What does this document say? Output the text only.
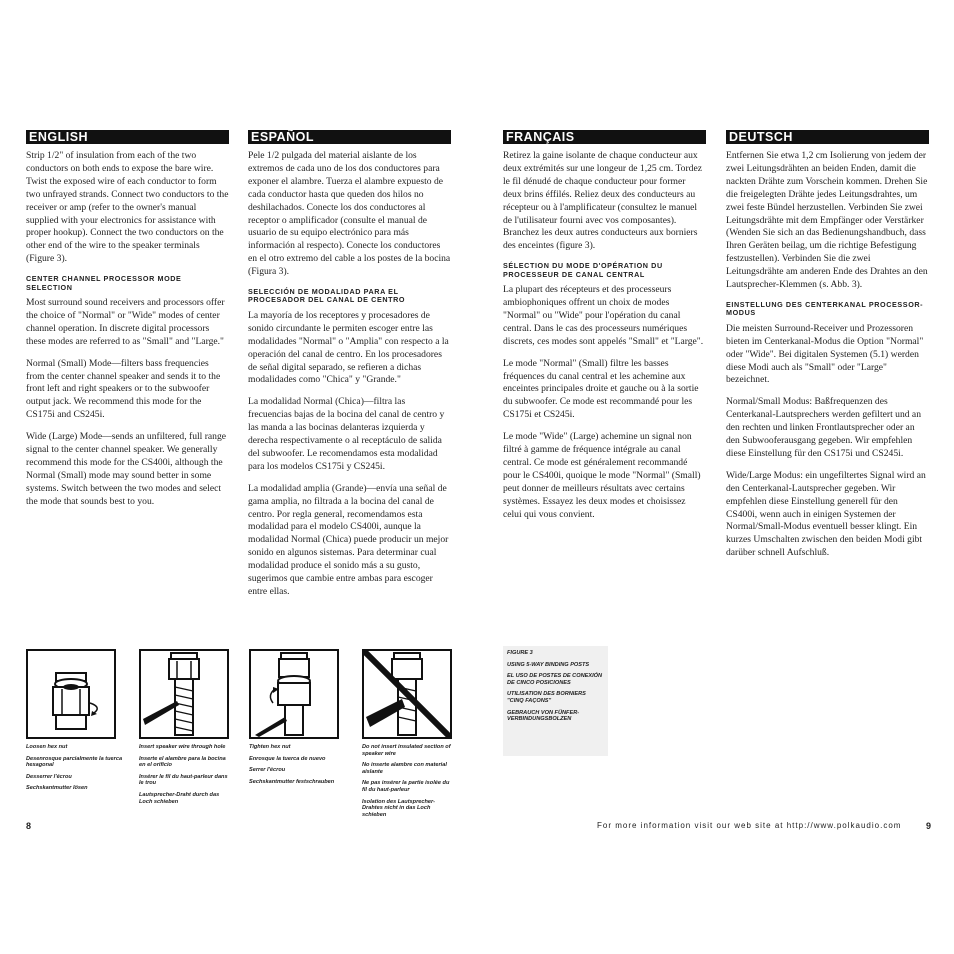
ENGLISH

Strip 1/2" of insulation from each of the two conductors on both ends to expose the bare wire. Twist the exposed wire of each conductor to form two unfrayed strands. Connect two conductors to the receiver or amp (refer to the owner's manual supplied with your electronics for assistance with proper hookup). Connect the two conductors on the other end of the wire to the speaker terminals (Figure 3).

CENTER CHANNEL PROCESSOR MODE SELECTION

Most surround sound receivers and processors offer the choice of "Normal" or "Wide" modes of center channel operation. In discrete digital processors these modes are referred to as "Small" and "Large."

Normal (Small) Mode—filters bass frequencies from the center channel speaker and sends it to the front left and right speakers or to the subwoofer output jack. We recommend this mode for the CS175i and CS245i.

Wide (Large) Mode—sends an unfiltered, full range signal to the center channel speaker. We generally recommend this mode for the CS400i, although the Normal (Small) mode may sound better in some systems. Switch between the two modes and select the mode that sounds best to you.

ESPAÑOL

Pele 1/2 pulgada del material aislante de los extremos de cada uno de los dos conductores para exponer el alambre. Tuerza el alambre expuesto de cada conductor hasta que queden dos hilos no deshilachados. Conecte los dos conductores al receptor o amplificador (consulte el manual de usuario de su equipo electrónico para más información al respecto). Conecte los conductores en el otro extremo del cable a los postes de la bocina (Figura 3).

SELECCIÓN DE MODALIDAD PARA EL PROCESADOR DEL CANAL DE CENTRO

La mayoría de los receptores y procesadores de sonido circundante le permiten escoger entre las modalidades "Normal" o "Amplia" con respecto a la operación del canal de centro. En los procesadores de señal digital separado, se refieren a dichas modalidades como "Chica" y "Grande."

La modalidad Normal (Chica)—filtra las frecuencias bajas de la bocina del canal de centro y las manda a las bocinas delanteras izquierda y derecha respectivamente o al receptáculo de salida del subwoofer. Le recomendamos esta modalidad para los modelos CS175i y CS245i.

La modalidad amplia (Grande)—envía una señal de gama amplia, no filtrada a la bocina del canal de centro. Por regla general, recomendamos esta modalidad para el modelo CS400i, aunque la modalidad Normal (Chica) puede producir un mejor sonido en algunos sistemas. Para determinar cual modalidad produce el sonido más a su gusto, sugerimos que cambie entre ambas para escoger entre ellas.

FRANÇAIS

Retirez la gaine isolante de chaque conducteur aux deux extrémités sur une longeur de 1,25 cm. Tordez le fil dénudé de chaque conducteur pour former deux brins éffilés. Reliez deux des conducteurs au récepteur ou à l'amplificateur (consultez le manuel de l'utilisateur fourni avec vos composantes). Branchez les deux autres conducteurs aux borniers des enceintes (figure 3).

SÉLECTION DU MODE D'OPÉRATION DU PROCESSEUR DE CANAL CENTRAL

La plupart des récepteurs et des processeurs ambiophoniques offrent un choix de modes "Normal" ou "Wide" pour l'opération du canal central. Dans le cas des processeurs numériques discrets, ces modes sont appelés "Small" et "Large".

Le mode "Normal" (Small) filtre les basses fréquences du canal central et les achemine aux enceintes principales droite et gauche ou à la sortie du subwoofer. Ce mode est recommandé pour les CS175i et CS245i.

Le mode "Wide" (Large) achemine un signal non filtré à gamme de fréquence intégrale au canal central. Ce mode est généralement recommandé pour le CS400i, quoique le mode "Normal" (Small) peut donner de meilleurs résultats avec certains systèmes. Essayez les deux modes et choisissez celui qui vous convient.

DEUTSCH

Entfernen Sie etwa 1,2 cm Isolierung von jedem der zwei Leitungsdrähten an beiden Enden, damit die nackten Drähte zum Vorschein kommen. Drehen Sie die freigelegten Drähte jedes Leitungsdrahtes, um zwei feste Bündel herzustellen. Verbinden Sie zwei Leitungsdrähte mit dem Empfänger oder Verstärker (Wenden Sie sich an das Bedienungshandbuch, dass Ihren Geräten beilag, um die richtige Befestigung festzustellen). Verbinden Sie die zwei Leitungsdrähte am anderen Ende des Drahtes an den Lautsprecher-Klemmen (s. Abb. 3).

EINSTELLUNG DES CENTERKANAL PROCESSOR-MODUS

Die meisten Surround-Receiver und Prozessoren bieten im Centerkanal-Modus die Option "Normal" oder "Wide". Bei digitalen Systemen (5.1) werden diese Modi auch als "Small" oder "Large" bezeichnet.

Normal/Small Modus: Baßfrequenzen des Centerkanal-Lautsprechers werden gefiltert und an den rechten und linken Frontlautsprecher oder an den Subwooferausgang gegeben. Wir empfehlen diese Einstellung für den CS175i und CS245i.

Wide/Large Modus: ein ungefiltertes Signal wird an den Centerkanal-Lautsprecher gegeben. Wir empfehlen diese Einstellung generell für den CS400i, wenn auch in einigen Systemen der Normal/Small-Modus eventuell besser klingt. Ein kurzes Umschalten zwischen den beiden Modi gibt darüber schnell Aufschluß.

Loosen hex nut
Desenrosque parcialmente la tuerca hexagonal
Desserrer l'écrou
Sechskantmutter lösen
Insert speaker wire through hole
Inserte el alambre para la bocina en el orificio
Insérer le fil du haut-parleur dans le trou
Lautsprecher-Draht durch das Loch schieben
Tighten hex nut
Enrosque la tuerca de nuevo
Serrer l'écrou
Sechskantmutter festschrauben
Do not insert insulated section of speaker wire
No inserte alambre con material aislante
Ne pas insérer la partie isolée du fil du haut-parleur
Isolation des Lautsprecher-Drahtes nicht in das Loch schieben
FIGURE 3
USING 5-WAY BINDING POSTS
EL USO DE POSTES DE CONEXIÓN DE CINCO POSICIONES
UTILISATION DES BORNIERS "CINQ FAÇONS"
GEBRAUCH VON FÜNFER-VERBINDUNGSBOLZEN
8	For more information visit our web site at http://www.polkaudio.com	9
